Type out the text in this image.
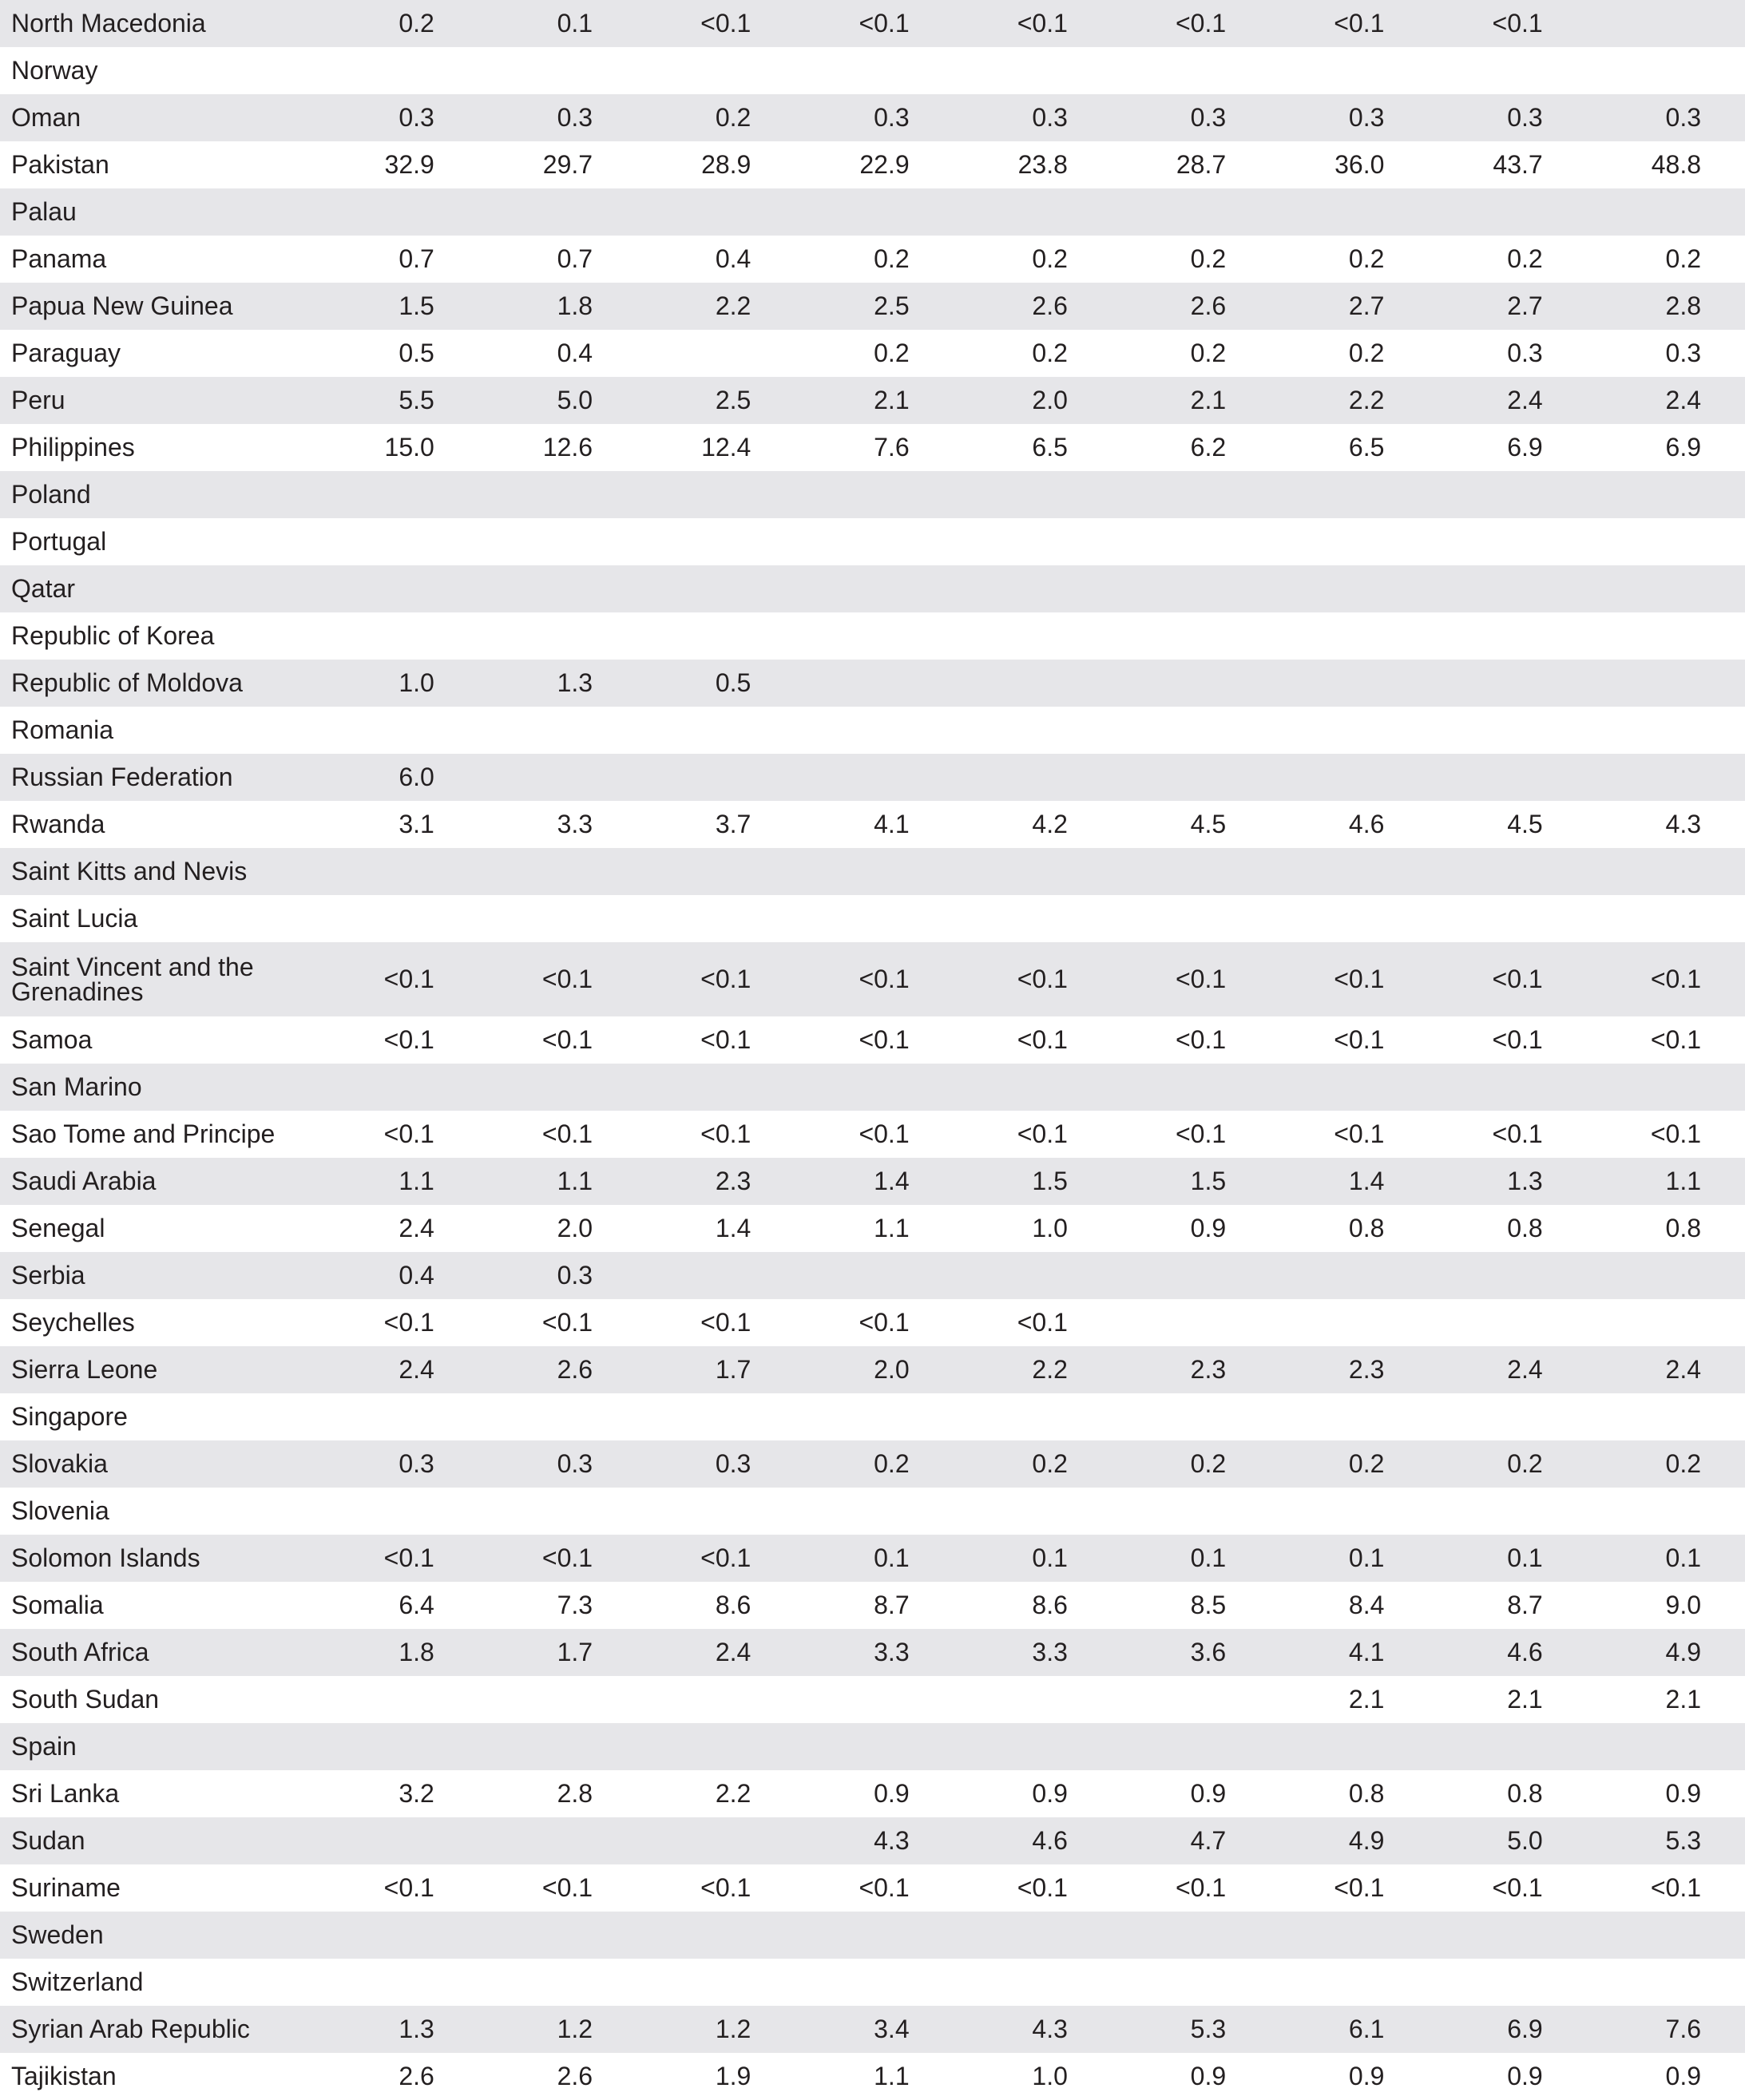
North Macedonia	0.2	0.1	<0.1	<0.1	<0.1	<0.1	<0.1	<0.1	
Norway									
Oman	0.3	0.3	0.2	0.3	0.3	0.3	0.3	0.3	0.3
Pakistan	32.9	29.7	28.9	22.9	23.8	28.7	36.0	43.7	48.8
Palau									
Panama	0.7	0.7	0.4	0.2	0.2	0.2	0.2	0.2	0.2
Papua New Guinea	1.5	1.8	2.2	2.5	2.6	2.6	2.7	2.7	2.8
Paraguay	0.5	0.4		0.2	0.2	0.2	0.2	0.3	0.3
Peru	5.5	5.0	2.5	2.1	2.0	2.1	2.2	2.4	2.4
Philippines	15.0	12.6	12.4	7.6	6.5	6.2	6.5	6.9	6.9
Poland									
Portugal									
Qatar									
Republic of Korea									
Republic of Moldova	1.0	1.3	0.5						
Romania									
Russian Federation	6.0								
Rwanda	3.1	3.3	3.7	4.1	4.2	4.5	4.6	4.5	4.3
Saint Kitts and Nevis									
Saint Lucia									
Saint Vincent and the Grenadines	<0.1	<0.1	<0.1	<0.1	<0.1	<0.1	<0.1	<0.1	<0.1
Samoa	<0.1	<0.1	<0.1	<0.1	<0.1	<0.1	<0.1	<0.1	<0.1
San Marino									
Sao Tome and Principe	<0.1	<0.1	<0.1	<0.1	<0.1	<0.1	<0.1	<0.1	<0.1
Saudi Arabia	1.1	1.1	2.3	1.4	1.5	1.5	1.4	1.3	1.1
Senegal	2.4	2.0	1.4	1.1	1.0	0.9	0.8	0.8	0.8
Serbia	0.4	0.3							
Seychelles	<0.1	<0.1	<0.1	<0.1	<0.1				
Sierra Leone	2.4	2.6	1.7	2.0	2.2	2.3	2.3	2.4	2.4
Singapore									
Slovakia	0.3	0.3	0.3	0.2	0.2	0.2	0.2	0.2	0.2
Slovenia									
Solomon Islands	<0.1	<0.1	<0.1	0.1	0.1	0.1	0.1	0.1	0.1
Somalia	6.4	7.3	8.6	8.7	8.6	8.5	8.4	8.7	9.0
South Africa	1.8	1.7	2.4	3.3	3.3	3.6	4.1	4.6	4.9
South Sudan							2.1	2.1	2.1
Spain									
Sri Lanka	3.2	2.8	2.2	0.9	0.9	0.9	0.8	0.8	0.9
Sudan				4.3	4.6	4.7	4.9	5.0	5.3
Suriname	<0.1	<0.1	<0.1	<0.1	<0.1	<0.1	<0.1	<0.1	<0.1
Sweden									
Switzerland									
Syrian Arab Republic	1.3	1.2	1.2	3.4	4.3	5.3	6.1	6.9	7.6
Tajikistan	2.6	2.6	1.9	1.1	1.0	0.9	0.9	0.9	0.9
